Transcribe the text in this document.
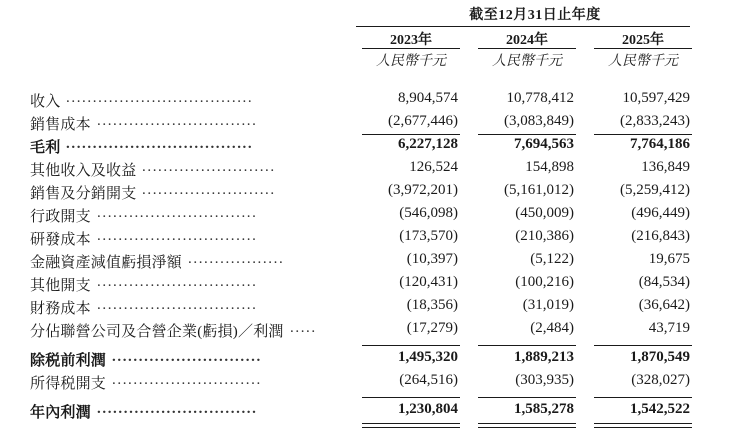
截至12月31日止年度
2023年	2024年	2025年
人民幣千元	人民幣千元	人民幣千元
收入 ...................................	8,904,574	10,778,412	10,597,429
銷售成本 ..............................	(2,677,446)	(3,083,849)	(2,833,243)
毛利 ...................................	6,227,128	7,694,563	7,764,186
其他收入及收益 .........................	126,524	154,898	136,849
銷售及分銷開支 .........................	(3,972,201)	(5,161,012)	(5,259,412)
行政開支 ..............................	(546,098)	(450,009)	(496,449)
研發成本 ..............................	(173,570)	(210,386)	(216,843)
金融資產減值虧損淨額 ..................	(10,397)	(5,122)	19,675
其他開支 ..............................	(120,431)	(100,216)	(84,534)
財務成本 ..............................	(18,356)	(31,019)	(36,642)
分佔聯營公司及合營企業(虧損)／利潤 .....	(17,279)	(2,484)	43,719
除税前利潤 ............................	1,495,320	1,889,213	1,870,549
所得税開支 ............................	(264,516)	(303,935)	(328,027)
年內利潤 ..............................	1,230,804	1,585,278	1,542,522
